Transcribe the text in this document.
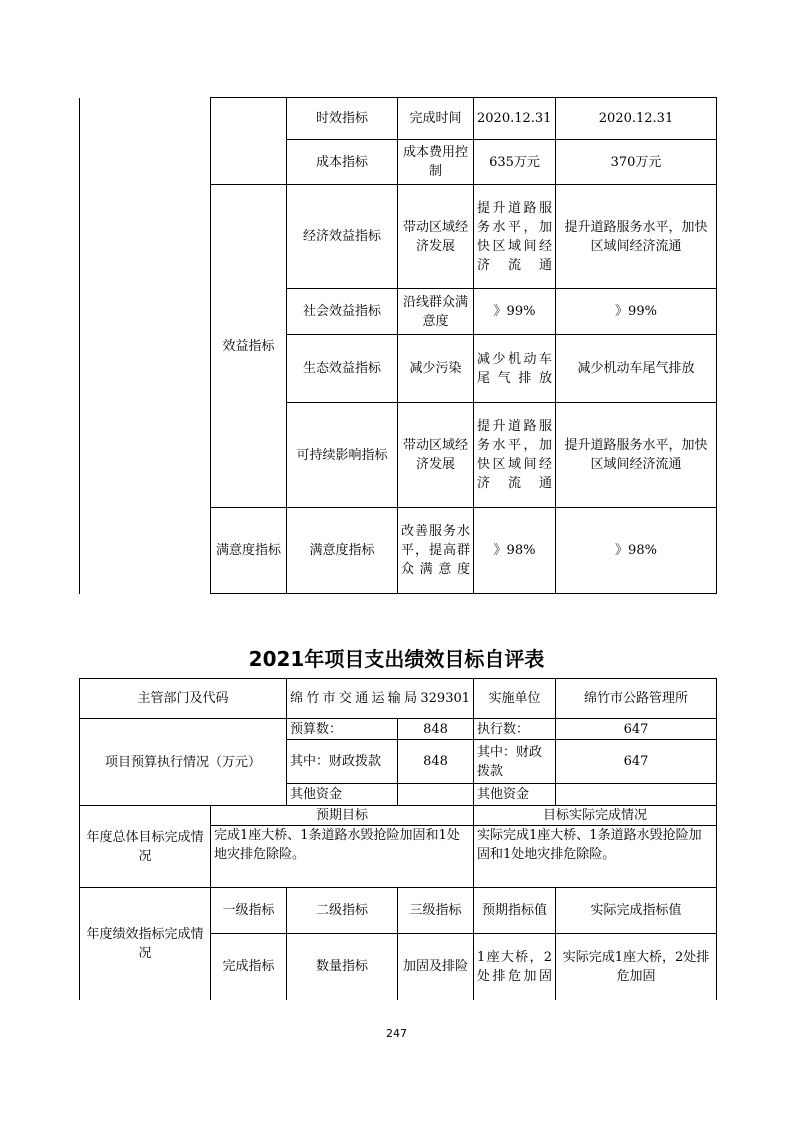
		时效指标	完成时间	2020.12.31	2020.12.31
		成本指标	成本费用控制	635万元	370万元
	效益指标	经济效益指标	带动区域经济发展	提升道路服务水平，加快区域间经济流通	提升道路服务水平，加快区域间经济流通
		社会效益指标	沿线群众满意度	》99%	》99%
		生态效益指标	减少污染	减少机动车尾气排放	减少机动车尾气排放
		可持续影响指标	带动区域经济发展	提升道路服务水平，加快区域间经济流通	提升道路服务水平，加快区域间经济流通
	满意度指标	满意度指标	改善服务水平，提高群众满意度	》98%	》98%
2021年项目支出绩效目标自评表
主管部门及代码		绵竹市交通运输局329301		实施单位	绵竹市公路管理所
项目预算执行情况（万元）		预算数：	848	执行数：	647
		其中：财政拨款	848	其中：财政拨款	647
		其他资金		其他资金	
年度总体目标完成情况	预期目标			目标实际完成情况	
	完成1座大桥、1条道路水毁抢险加固和1处地灾排危除险。			实际完成1座大桥、1条道路水毁抢险加固和1处地灾排危除险。	
年度绩效指标完成情况	一级指标	二级指标	三级指标	预期指标值	实际完成指标值
	完成指标	数量指标	加固及排险	1座大桥，2处排危加固	实际完成1座大桥，2处排危加固
247
